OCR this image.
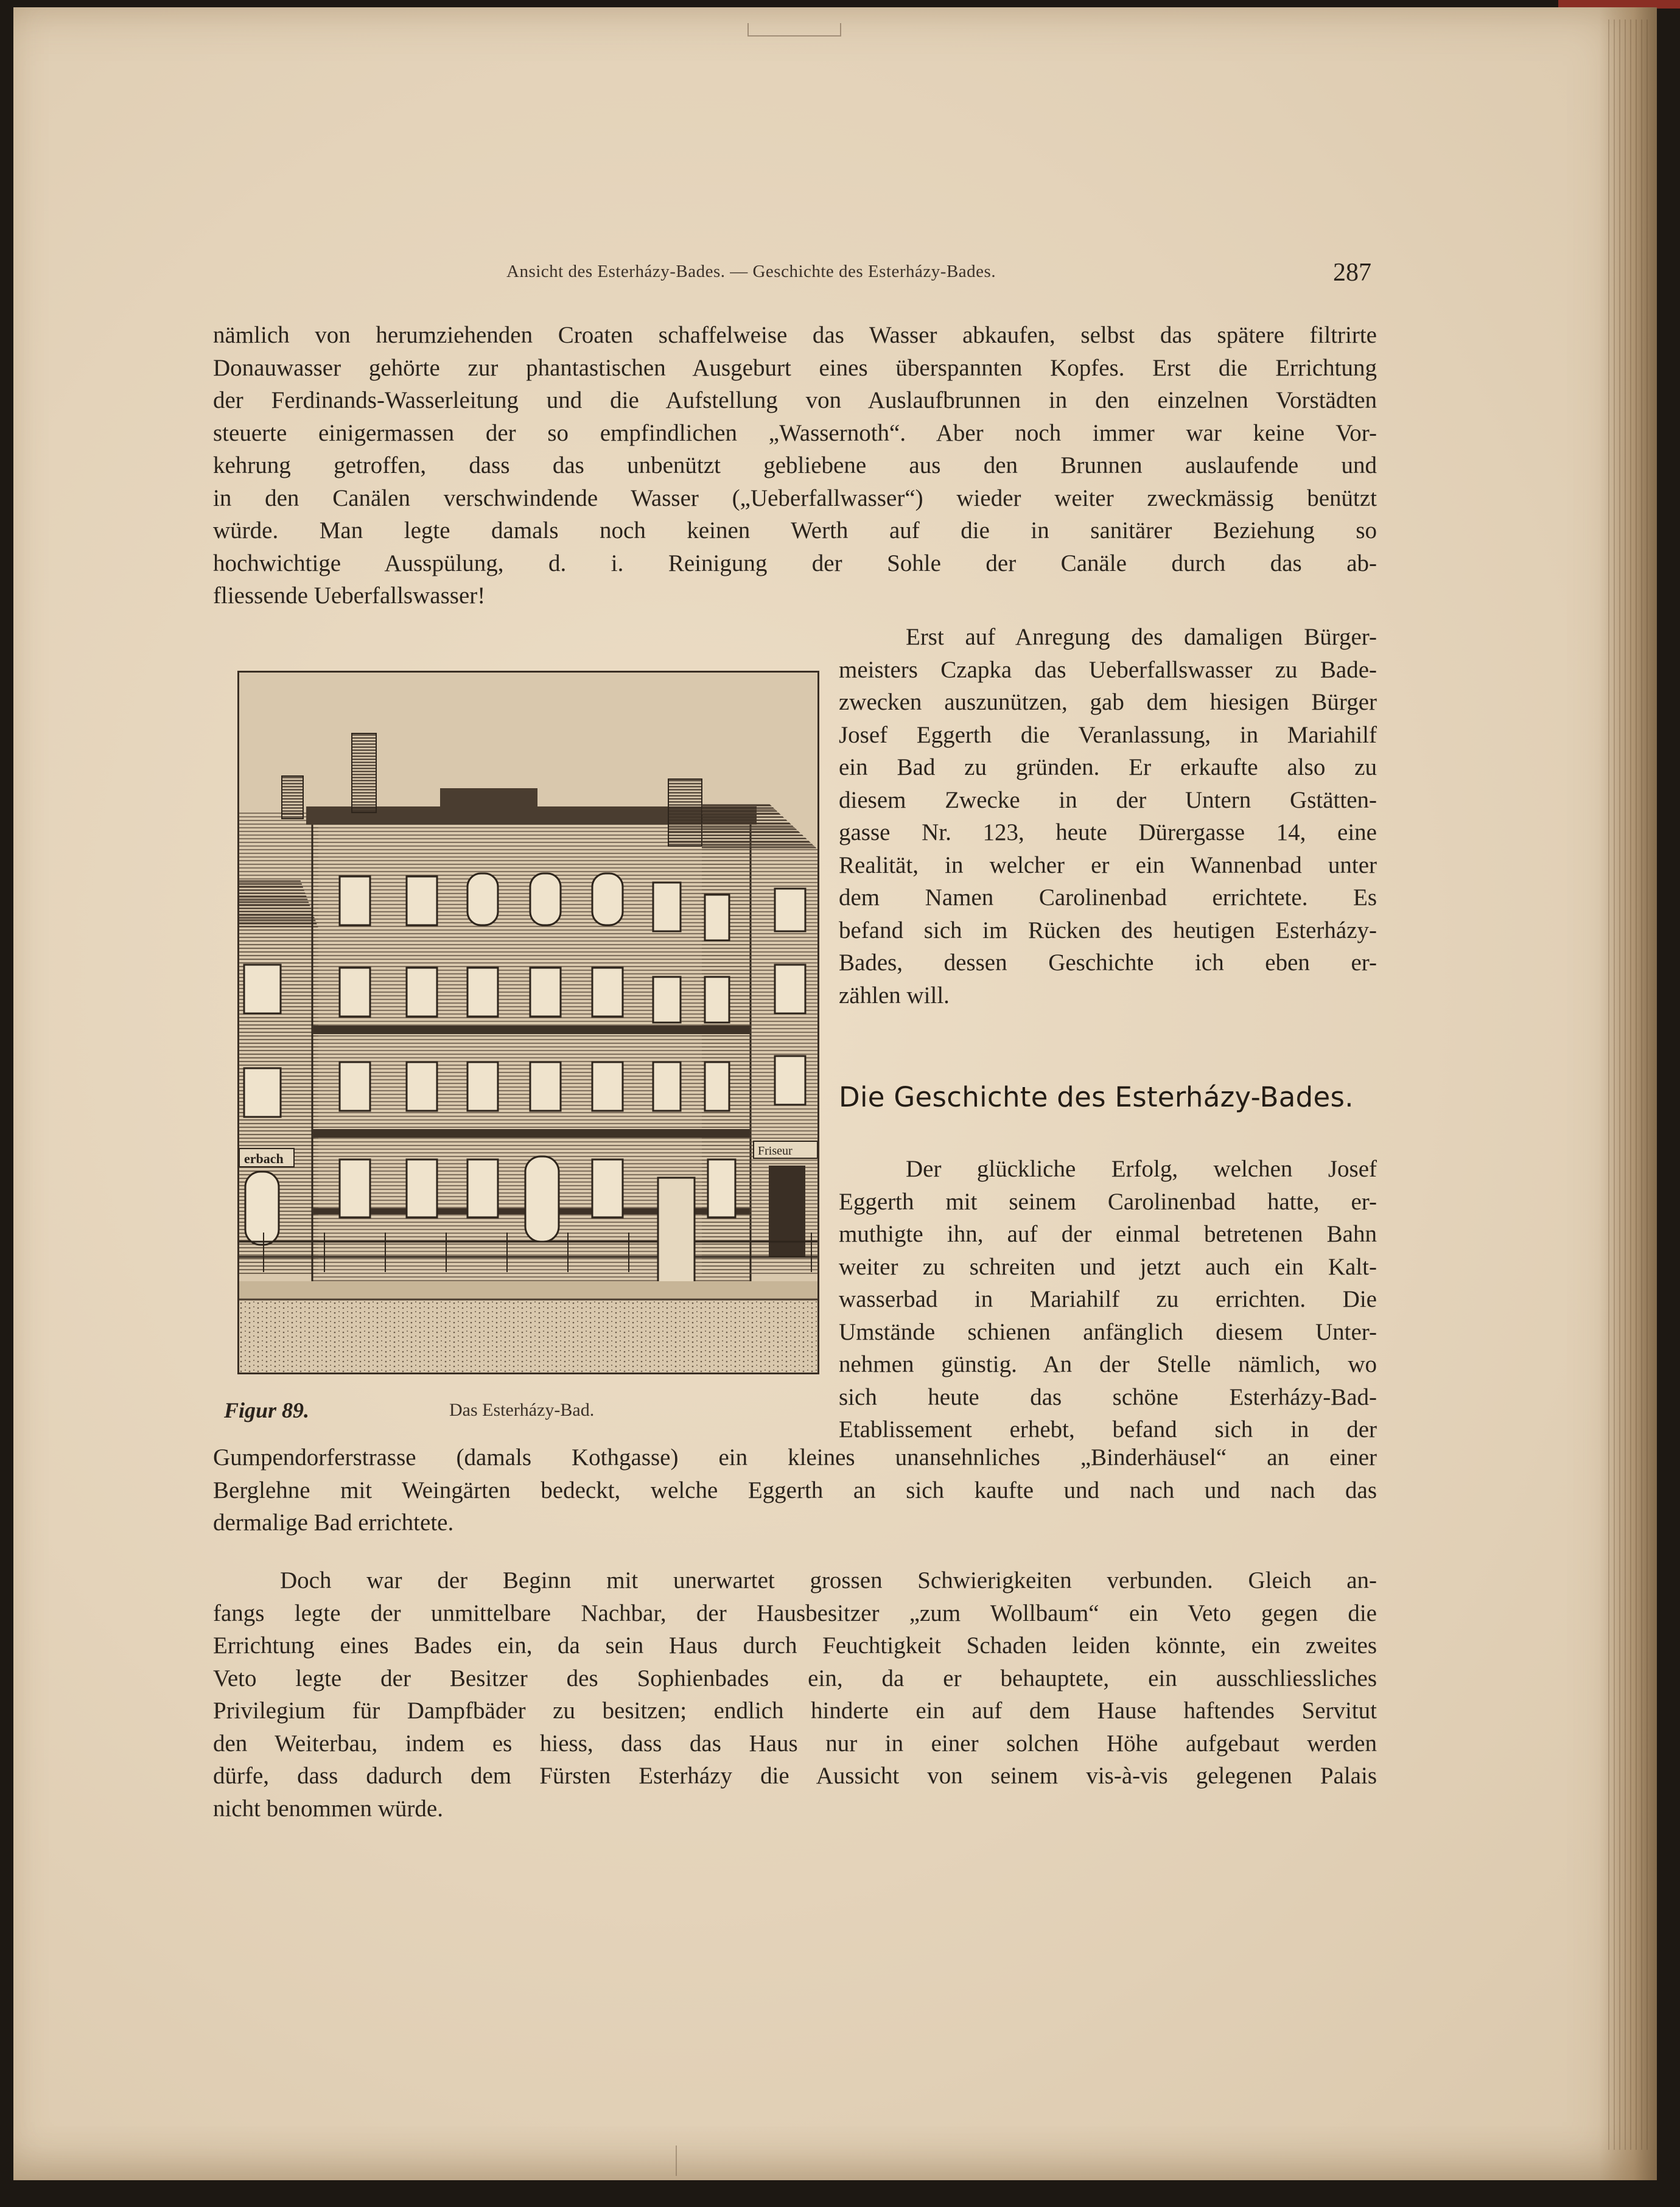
Ansicht des Esterházy-Bades. — Geschichte des Esterházy-Bades.	287

nämlich von herumziehenden Croaten schaffelweise das Wasser abkaufen, selbst das spätere filtrirte

Donauwasser gehörte zur phantastischen Ausgeburt eines überspannten Kopfes. Erst die Errichtung

der Ferdinands-Wasserleitung und die Aufstellung von Auslaufbrunnen in den einzelnen Vorstädten

steuerte einigermassen der so empfindlichen „Wassernoth“. Aber noch immer war keine Vor-

kehrung getroffen, dass das unbenützt gebliebene aus den Brunnen auslaufende und

in den Canälen verschwindende Wasser („Ueberfallwasser“) wieder weiter zweckmässig benützt

würde. Man legte damals noch keinen Werth auf die in sanitärer Beziehung so

hochwichtige Ausspülung, d. i. Reinigung der Sohle der Canäle durch das ab-

fliessende Ueberfallswasser!

erbach	Friseur
Figur 89.	Das Esterházy-Bad.

Erst auf Anregung des damaligen Bürger-

meisters Czapka das Ueberfallswasser zu Bade-

zwecken auszunützen, gab dem hiesigen Bürger

Josef Eggerth die Veranlassung, in Mariahilf

ein Bad zu gründen. Er erkaufte also zu

diesem Zwecke in der Untern Gstätten-

gasse Nr. 123, heute Dürergasse 14, eine

Realität, in welcher er ein Wannenbad unter

dem Namen Carolinenbad errichtete. Es

befand sich im Rücken des heutigen Esterházy-

Bades, dessen Geschichte ich eben er-

zählen will.

Die Geschichte des Esterházy-Bades.

Der glückliche Erfolg, welchen Josef

Eggerth mit seinem Carolinenbad hatte, er-

muthigte ihn, auf der einmal betretenen Bahn

weiter zu schreiten und jetzt auch ein Kalt-

wasserbad in Mariahilf zu errichten. Die

Umstände schienen anfänglich diesem Unter-

nehmen günstig. An der Stelle nämlich, wo

sich heute das schöne Esterházy-Bad-

Etablissement erhebt, befand sich in der

Gumpendorferstrasse (damals Kothgasse) ein kleines unansehnliches „Binderhäusel“ an einer

Berglehne mit Weingärten bedeckt, welche Eggerth an sich kaufte und nach und nach das

dermalige Bad errichtete.

Doch war der Beginn mit unerwartet grossen Schwierigkeiten verbunden. Gleich an-

fangs legte der unmittelbare Nachbar, der Hausbesitzer „zum Wollbaum“ ein Veto gegen die

Errichtung eines Bades ein, da sein Haus durch Feuchtigkeit Schaden leiden könnte, ein zweites

Veto legte der Besitzer des Sophienbades ein, da er behauptete, ein ausschliessliches

Privilegium für Dampfbäder zu besitzen; endlich hinderte ein auf dem Hause haftendes Servitut

den Weiterbau, indem es hiess, dass das Haus nur in einer solchen Höhe aufgebaut werden

dürfe, dass dadurch dem Fürsten Esterházy die Aussicht von seinem vis-à-vis gelegenen Palais

nicht benommen würde.
